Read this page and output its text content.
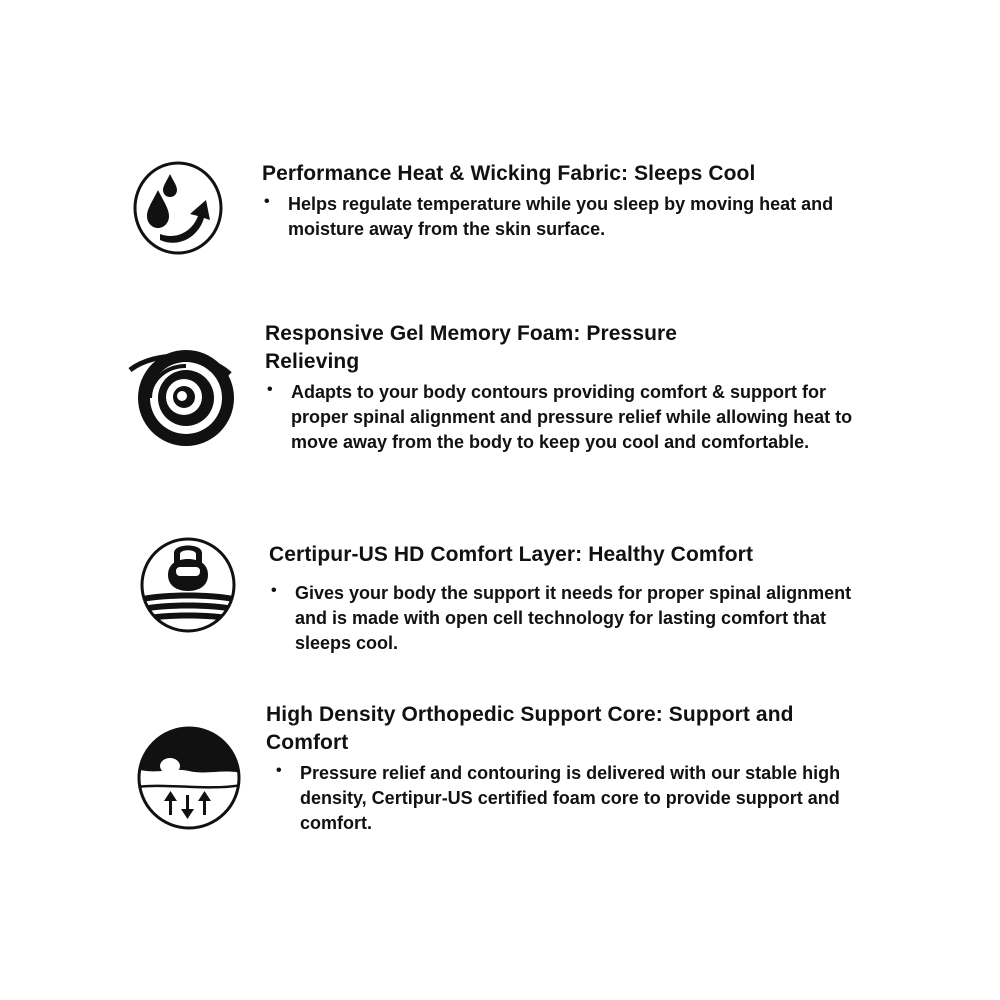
Performance Heat & Wicking Fabric: Sleeps Cool

• Helps regulate temperature while you sleep by moving heat and moisture away from the skin surface.

Responsive Gel Memory Foam: Pressure Relieving

• Adapts to your body contours providing comfort & support for proper spinal alignment and pressure relief while allowing heat to move away from the body to keep you cool and comfortable.

Certipur-US HD Comfort Layer: Healthy Comfort

• Gives your body the support it needs for proper spinal alignment and is made with open cell technology for lasting comfort that sleeps cool.

High Density Orthopedic Support Core: Support and Comfort

• Pressure relief and contouring is delivered with our stable high density, Certipur-US certified foam core to provide support and comfort.
